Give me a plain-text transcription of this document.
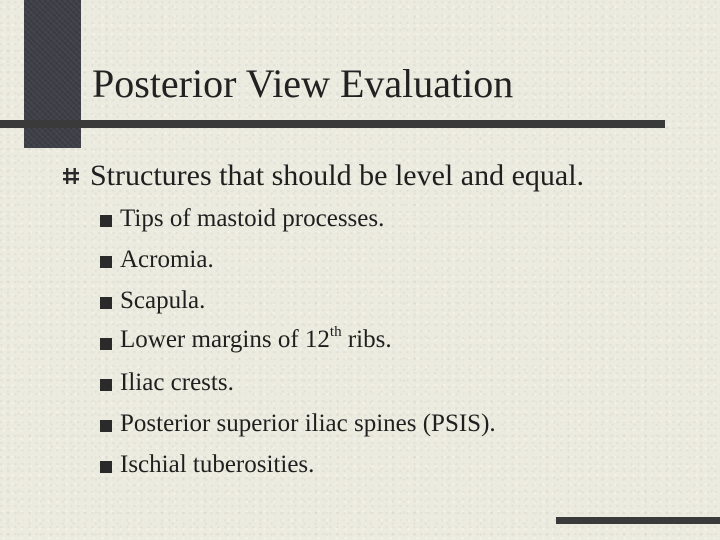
Posterior View Evaluation
Structures that should be level and equal.
Tips of mastoid processes.
Acromia.
Scapula.
Lower margins of 12th ribs.
Iliac crests.
Posterior superior iliac spines (PSIS).
Ischial tuberosities.
